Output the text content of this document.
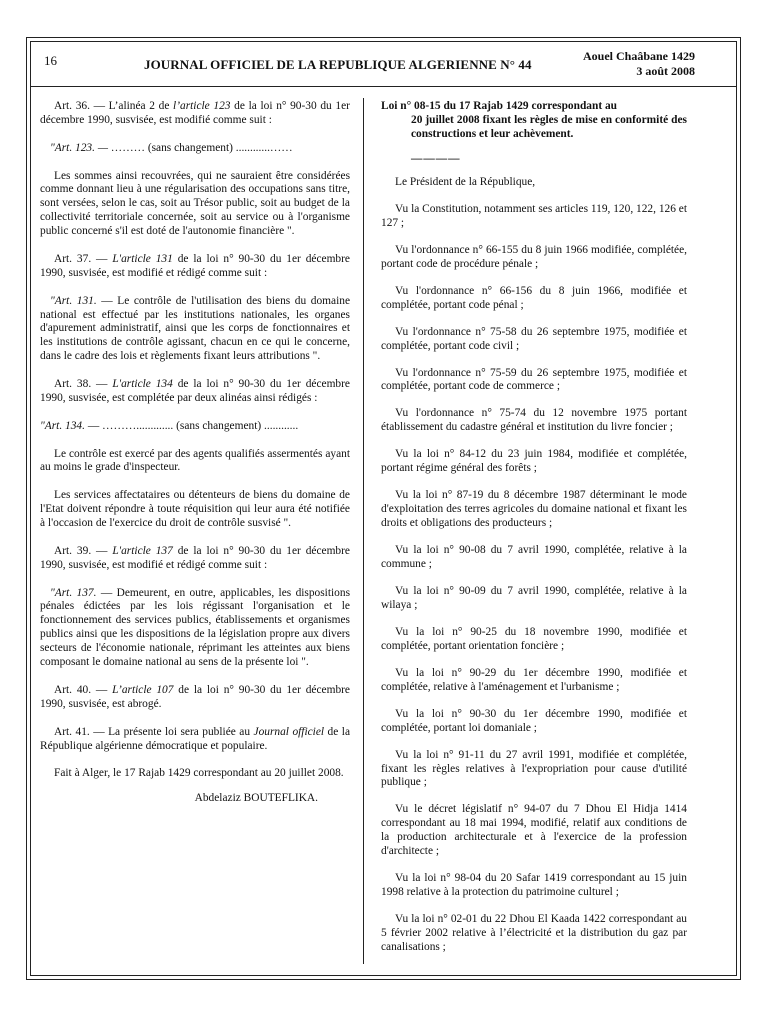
16	JOURNAL OFFICIEL DE LA REPUBLIQUE ALGERIENNE N° 44
Aouel Chaâbane 1429
3 août 2008

Art. 36. — L’alinéa 2 de l’article 123 de la loi n° 90-30 du 1er décembre 1990, susvisée, est modifié comme suit :

"Art. 123. — ……… (sans changement) ............……

Les sommes ainsi recouvrées, qui ne sauraient être considérées comme donnant lieu à une régularisation des occupations sans titre, sont versées, selon le cas, soit au Trésor public, soit au budget de la collectivité territoriale concernée, soit au service ou à l'organisme public concerné s'il est doté de l'autonomie financière ".

Art. 37. — L'article 131 de la loi n° 90-30 du 1er décembre 1990, susvisée, est modifié et rédigé comme suit :

"Art. 131. — Le contrôle de l'utilisation des biens du domaine national est effectué par les institutions nationales, les organes d'apurement administratif, ainsi que les corps de fonctionnaires et les institutions de contrôle agissant, chacun en ce qui le concerne, dans le cadre des lois et règlements fixant leurs attributions ".

Art. 38. — L'article 134 de la loi n° 90-30 du 1er décembre 1990, susvisée, est complétée par deux alinéas ainsi rédigés :

"Art. 134. — ………............. (sans changement) ............

Le contrôle est exercé par des agents qualifiés assermentés ayant au moins le grade d'inspecteur.

Les services affectataires ou détenteurs de biens du domaine de l'Etat doivent répondre à toute réquisition qui leur aura été notifiée à l'occasion de l'exercice du droit de contrôle susvisé ".

Art. 39. — L'article 137 de la loi n° 90-30 du 1er décembre 1990, susvisée, est modifié et rédigé comme suit :

"Art. 137. — Demeurent, en outre, applicables, les dispositions pénales édictées par les lois régissant l'organisation et le fonctionnement des services publics, établissements et organismes publics ainsi que les dispositions de la législation propre aux divers secteurs de l'économie nationale, réprimant les atteintes aux biens composant le domaine national au sens de la présente loi ".

Art. 40. — L’article 107 de la loi n° 90-30 du 1er décembre 1990, susvisée, est abrogé.

Art. 41. — La présente loi sera publiée au Journal officiel de la République algérienne démocratique et populaire.

Fait à Alger, le 17 Rajab 1429 correspondant au 20 juillet 2008.

Abdelaziz BOUTEFLIKA.

Loi n° 08-15 du 17 Rajab 1429 correspondant au
20 juillet 2008 fixant les règles de mise en conformité des constructions et leur achèvement.

————

Le Président de la République,

Vu la Constitution, notamment ses articles 119, 120, 122, 126 et 127 ;

Vu l'ordonnance n° 66-155 du 8 juin 1966 modifiée, complétée, portant code de procédure pénale ;

Vu l'ordonnance n° 66-156 du 8 juin 1966, modifiée et complétée, portant code pénal ;

Vu l'ordonnance n° 75-58 du 26 septembre 1975, modifiée et complétée, portant code civil ;

Vu l'ordonnance n° 75-59 du 26 septembre 1975, modifiée et complétée, portant code de commerce ;

Vu l'ordonnance n° 75-74 du 12 novembre 1975 portant établissement du cadastre général et institution du livre foncier ;

Vu la loi n° 84-12 du 23 juin 1984, modifiée et complétée, portant régime général des forêts ;

Vu la loi n° 87-19 du 8 décembre 1987 déterminant le mode d'exploitation des terres agricoles du domaine national et fixant les droits et obligations des producteurs ;

Vu la loi n° 90-08 du 7 avril 1990, complétée, relative à la commune ;

Vu la loi n° 90-09 du 7 avril 1990, complétée, relative à la wilaya ;

Vu la loi n° 90-25 du 18 novembre 1990, modifiée et complétée, portant orientation foncière ;

Vu la loi n° 90-29 du 1er décembre 1990, modifiée et complétée, relative à l'aménagement et l'urbanisme ;

Vu la loi n° 90-30 du 1er décembre 1990, modifiée et complétée, portant loi domaniale ;

Vu la loi n° 91-11 du 27 avril 1991, modifiée et complétée, fixant les règles relatives à l'expropriation pour cause d'utilité publique ;

Vu le décret législatif n° 94-07 du 7 Dhou El Hidja 1414 correspondant au 18 mai 1994, modifié, relatif aux conditions de la production architecturale et à l'exercice de la profession d'architecte ;

Vu la loi n° 98-04 du 20 Safar 1419 correspondant au 15 juin 1998 relative à la protection du patrimoine culturel ;

Vu la loi n° 02-01 du 22 Dhou El Kaada 1422 correspondant au 5 février 2002 relative à l’électricité et la distribution du gaz par canalisations ;
